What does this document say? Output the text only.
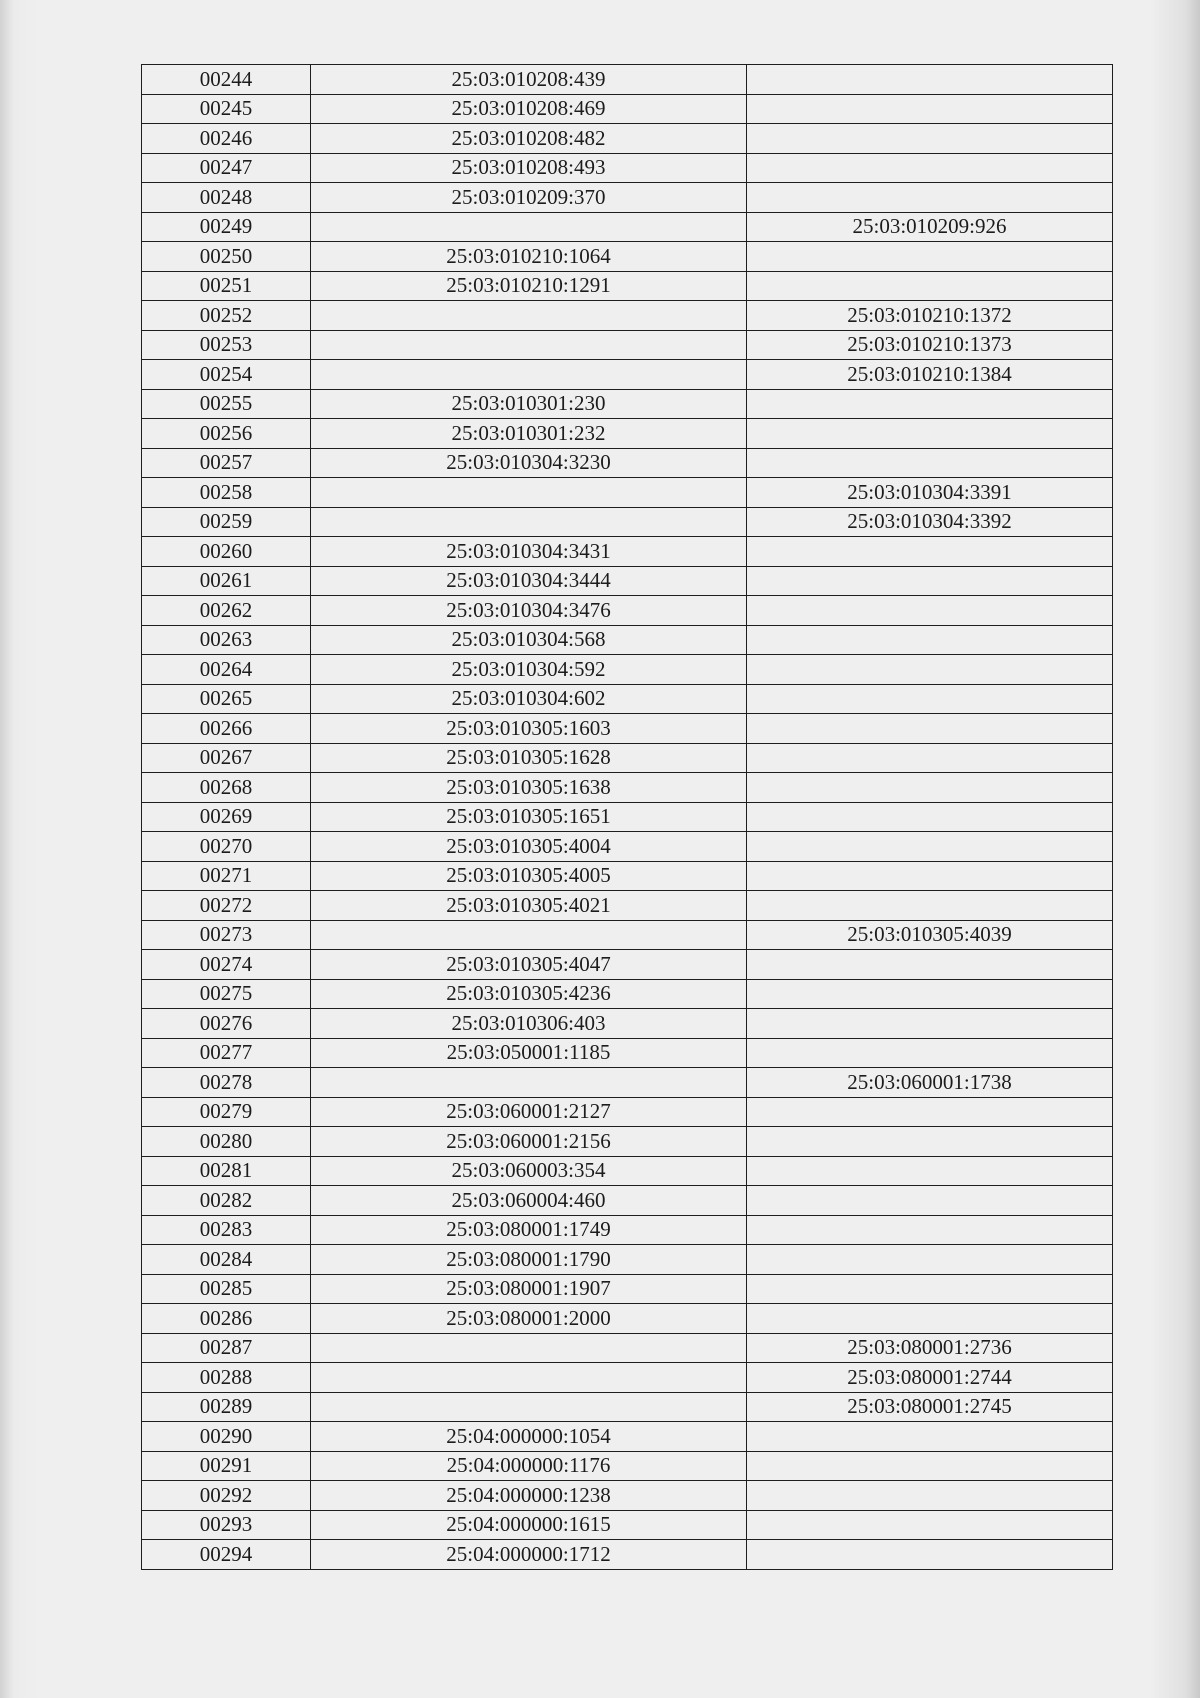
00244	25:03:010208:439	
00245	25:03:010208:469	
00246	25:03:010208:482	
00247	25:03:010208:493	
00248	25:03:010209:370	
00249		25:03:010209:926
00250	25:03:010210:1064	
00251	25:03:010210:1291	
00252		25:03:010210:1372
00253		25:03:010210:1373
00254		25:03:010210:1384
00255	25:03:010301:230	
00256	25:03:010301:232	
00257	25:03:010304:3230	
00258		25:03:010304:3391
00259		25:03:010304:3392
00260	25:03:010304:3431	
00261	25:03:010304:3444	
00262	25:03:010304:3476	
00263	25:03:010304:568	
00264	25:03:010304:592	
00265	25:03:010304:602	
00266	25:03:010305:1603	
00267	25:03:010305:1628	
00268	25:03:010305:1638	
00269	25:03:010305:1651	
00270	25:03:010305:4004	
00271	25:03:010305:4005	
00272	25:03:010305:4021	
00273		25:03:010305:4039
00274	25:03:010305:4047	
00275	25:03:010305:4236	
00276	25:03:010306:403	
00277	25:03:050001:1185	
00278		25:03:060001:1738
00279	25:03:060001:2127	
00280	25:03:060001:2156	
00281	25:03:060003:354	
00282	25:03:060004:460	
00283	25:03:080001:1749	
00284	25:03:080001:1790	
00285	25:03:080001:1907	
00286	25:03:080001:2000	
00287		25:03:080001:2736
00288		25:03:080001:2744
00289		25:03:080001:2745
00290	25:04:000000:1054	
00291	25:04:000000:1176	
00292	25:04:000000:1238	
00293	25:04:000000:1615	
00294	25:04:000000:1712	
